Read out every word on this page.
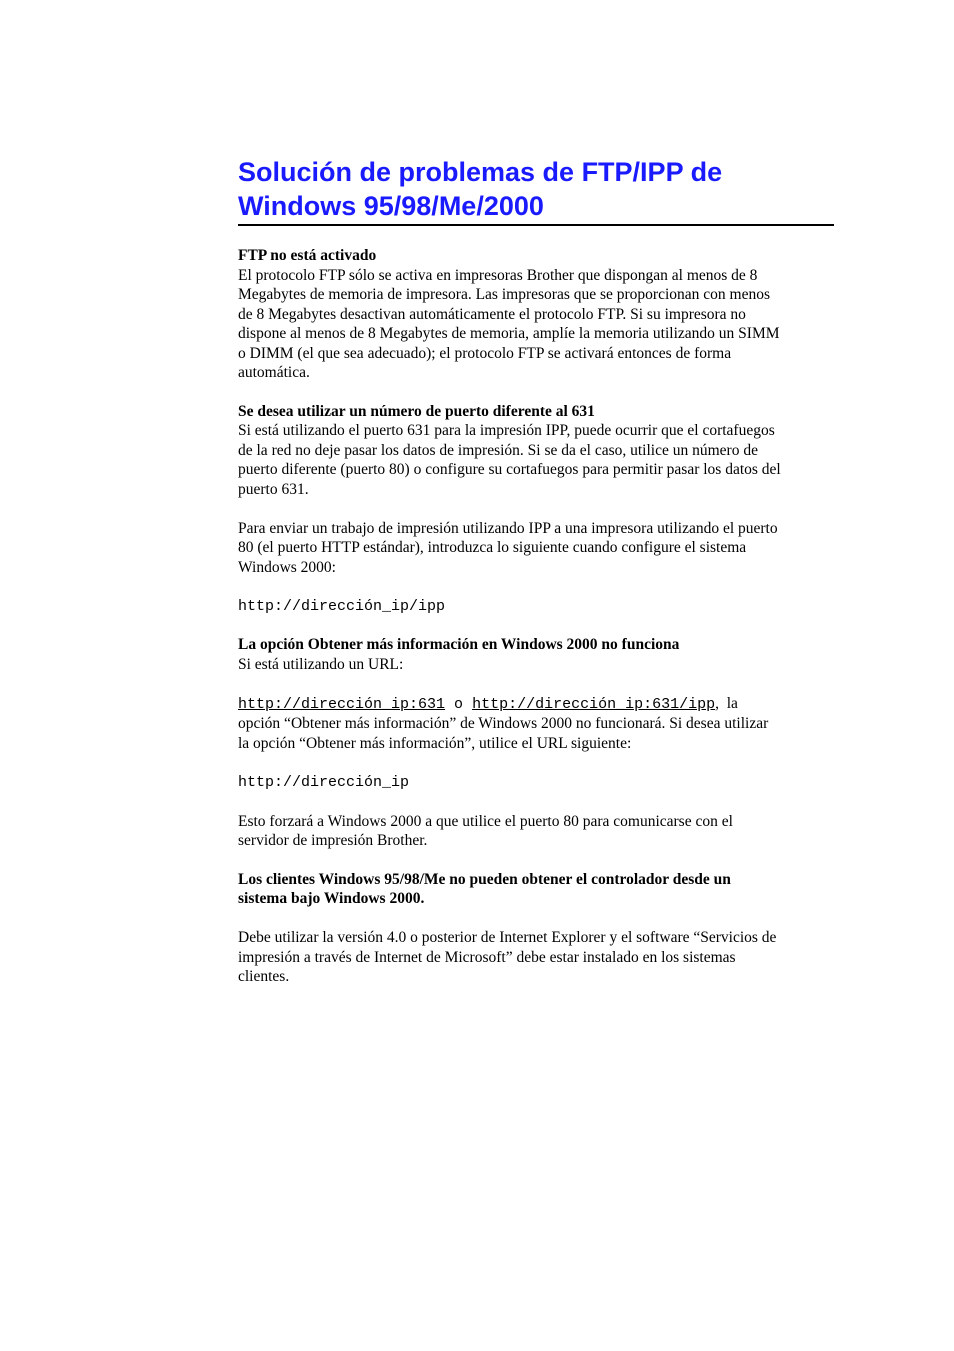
Solución de problemas de FTP/IPP de
Windows 95/98/Me/2000
FTP no está activado
El protocolo FTP sólo se activa en impresoras Brother que dispongan al menos de 8
Megabytes de memoria de impresora. Las impresoras que se proporcionan con menos
de 8 Megabytes desactivan automáticamente el protocolo FTP. Si su impresora no
dispone al menos de 8 Megabytes de memoria, amplíe la memoria utilizando un SIMM
o DIMM (el que sea adecuado); el protocolo FTP se activará entonces de forma
automática.
Se desea utilizar un número de puerto diferente al 631
Si está utilizando el puerto 631 para la impresión IPP, puede ocurrir que el cortafuegos
de la red no deje pasar los datos de impresión. Si se da el caso, utilice un número de
puerto diferente (puerto 80) o configure su cortafuegos para permitir pasar los datos del
puerto 631.
Para enviar un trabajo de impresión utilizando IPP a una impresora utilizando el puerto
80 (el puerto HTTP estándar), introduzca lo siguiente cuando configure el sistema
Windows 2000:
http://dirección_ip/ipp
La opción Obtener más información en Windows 2000 no funciona
Si está utilizando un URL:
http://dirección_ip:631 o http://dirección_ip:631/ipp,  la
opción “Obtener más información” de Windows 2000 no funcionará. Si desea utilizar
la opción “Obtener más información”, utilice el URL siguiente:
http://dirección_ip
Esto forzará a Windows 2000 a que utilice el puerto 80 para comunicarse con el
servidor de impresión Brother.
Los clientes Windows 95/98/Me no pueden obtener el controlador desde un
sistema bajo Windows 2000.
Debe utilizar la versión 4.0 o posterior de Internet Explorer y el software “Servicios de
impresión a través de Internet de Microsoft” debe estar instalado en los sistemas
clientes.
